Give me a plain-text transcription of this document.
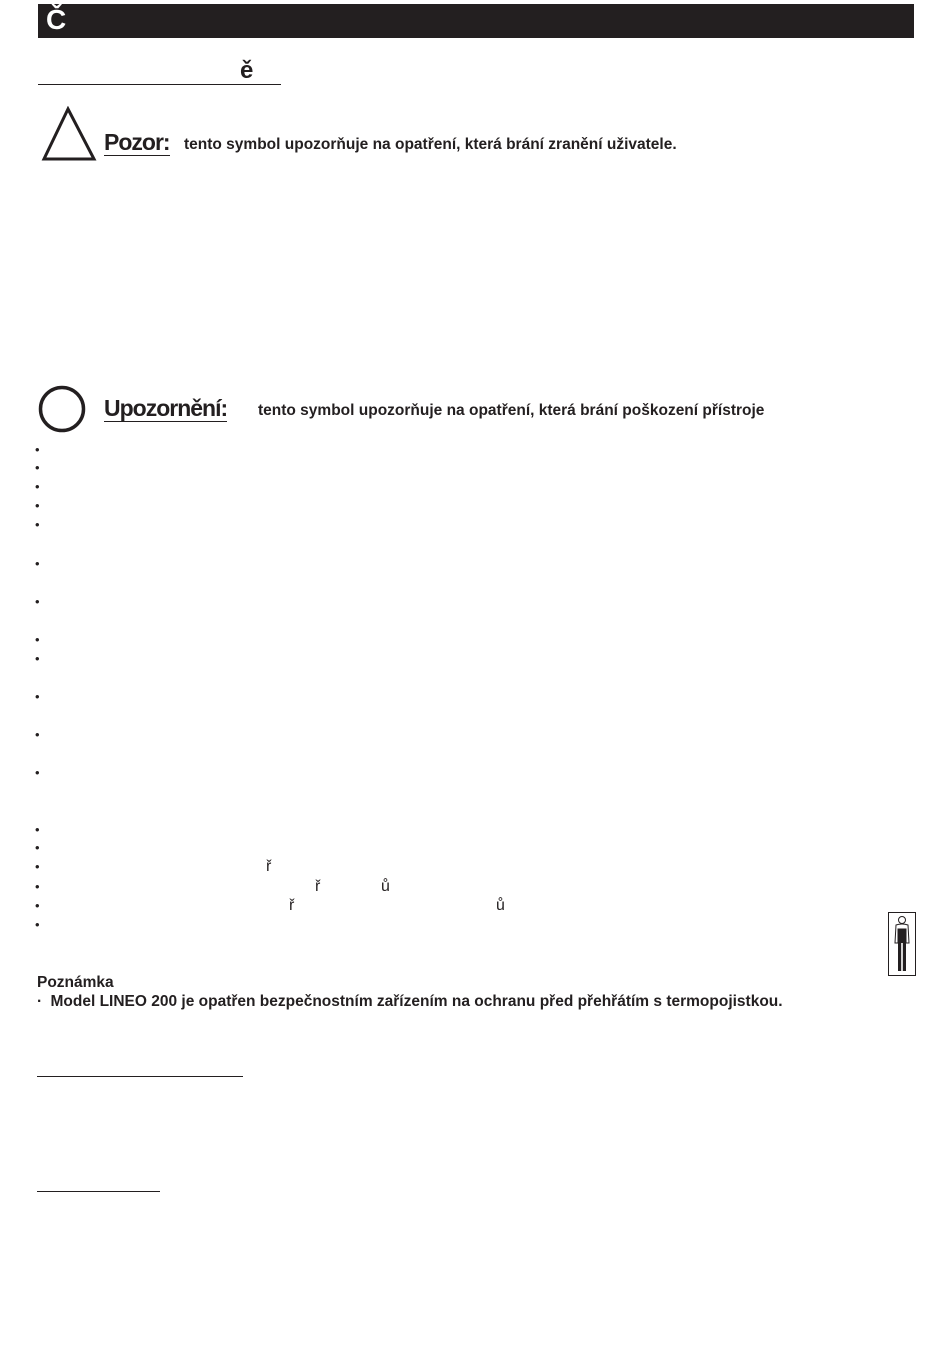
Č
ě
Pozor: tento symbol upozorňuje na opatření, která brání zranění uživatele.
Upozornění: tento symbol upozorňuje na opatření, která brání poškození přístroje
•
•
•
•
•
•
•
•
•
•
•
•
•
•
•
•
•
•
ř
ř	ů
ř	ů
Poznámka
· Model LINEO 200 je opatřen bezpečnostním zařízením na ochranu před přehřátím s termopojistkou.
